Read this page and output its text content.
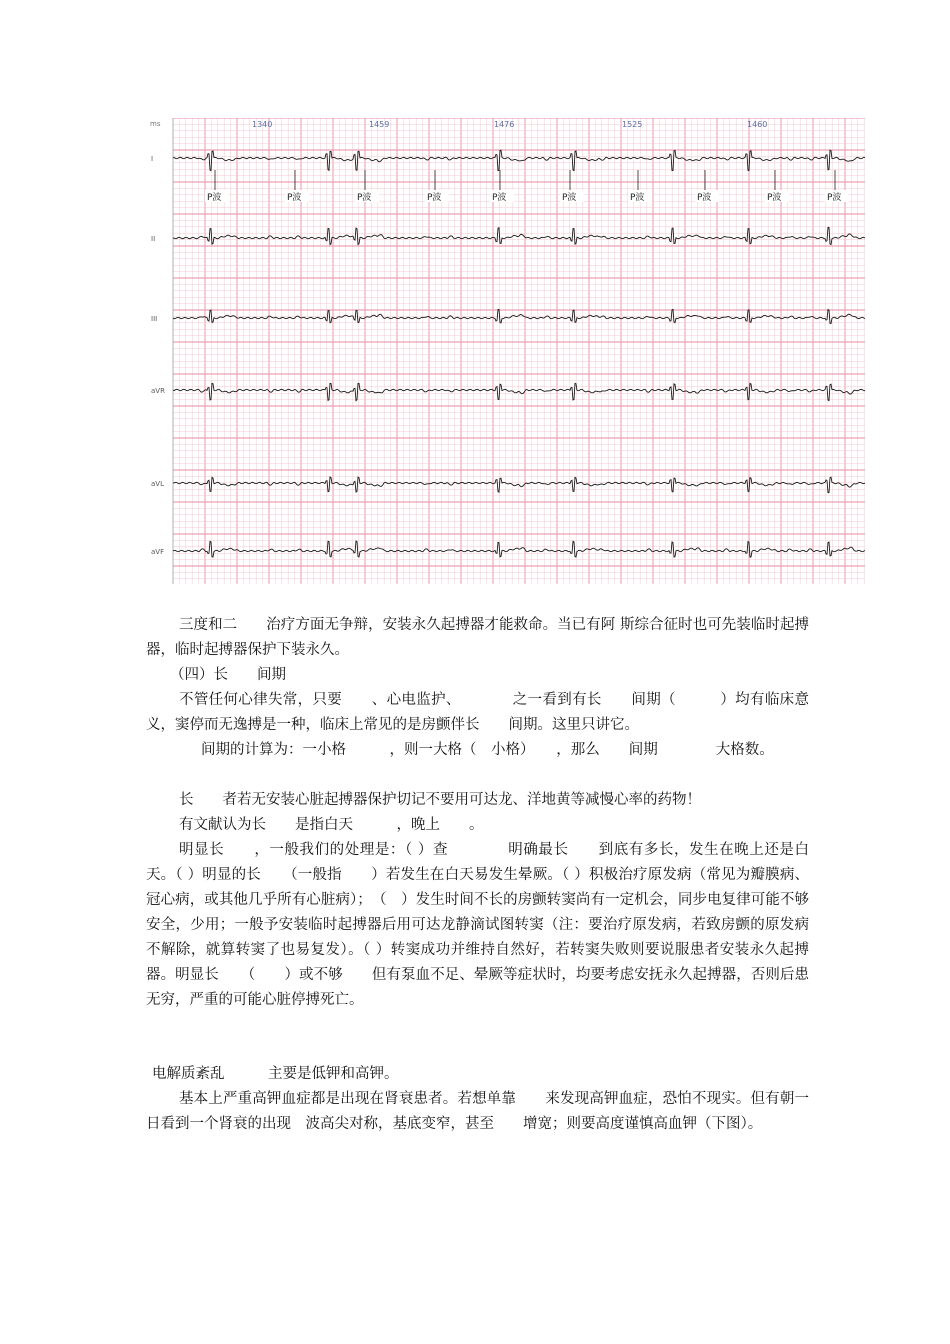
ms	1340	1459	1476	1525	1460
I
II
III
aVR
aVL
aVF
P波	P波	P波	P波	P波	P波	P波	P波	P波	P波

三度和二　　治疗方面无争辩，安装永久起搏器才能救命。当已有阿 斯综合征时也可先装临时起搏器，临时起搏器保护下装永久。

（四）长　　间期

不管任何心律失常，只要　　、心电监护、　　　　之一看到有长　　间期（　　　）均有临床意义，窦停而无逸搏是一种，临床上常见的是房颤伴长　　间期。这里只讲它。

间期的计算为：一小格　　　，则一大格（　小格）　　，那么　　间期　　　　大格数。

长　　者若无安装心脏起搏器保护切记不要用可达龙、洋地黄等减慢心率的药物！

有文献认为长　　是指白天　　　，晚上　　。

明显长　　，一般我们的处理是：（ ）查　　　　明确最长　　到底有多长，发生在晚上还是白天。（ ）明显的长　　（一般指　　）若发生在白天易发生晕厥。（ ）积极治疗原发病（常见为瓣膜病、冠心病，或其他几乎所有心脏病）；　（　）发生时间不长的房颤转窦尚有一定机会，同步电复律可能不够安全，少用；一般予安装临时起搏器后用可达龙静滴试图转窦（注：要治疗原发病，若致房颤的原发病不解除，就算转窦了也易复发）。（ ）转窦成功并维持自然好，若转窦失败则要说服患者安装永久起搏器。明显长　　（　　）或不够　　但有泵血不足、晕厥等症状时，均要考虑安抚永久起搏器，否则后患无穷，严重的可能心脏停搏死亡。

电解质紊乱　　　主要是低钾和高钾。

基本上严重高钾血症都是出现在肾衰患者。若想单靠　　来发现高钾血症，恐怕不现实。但有朝一日看到一个肾衰的出现　波高尖对称，基底变窄，甚至　　增宽；则要高度谨慎高血钾（下图）。
